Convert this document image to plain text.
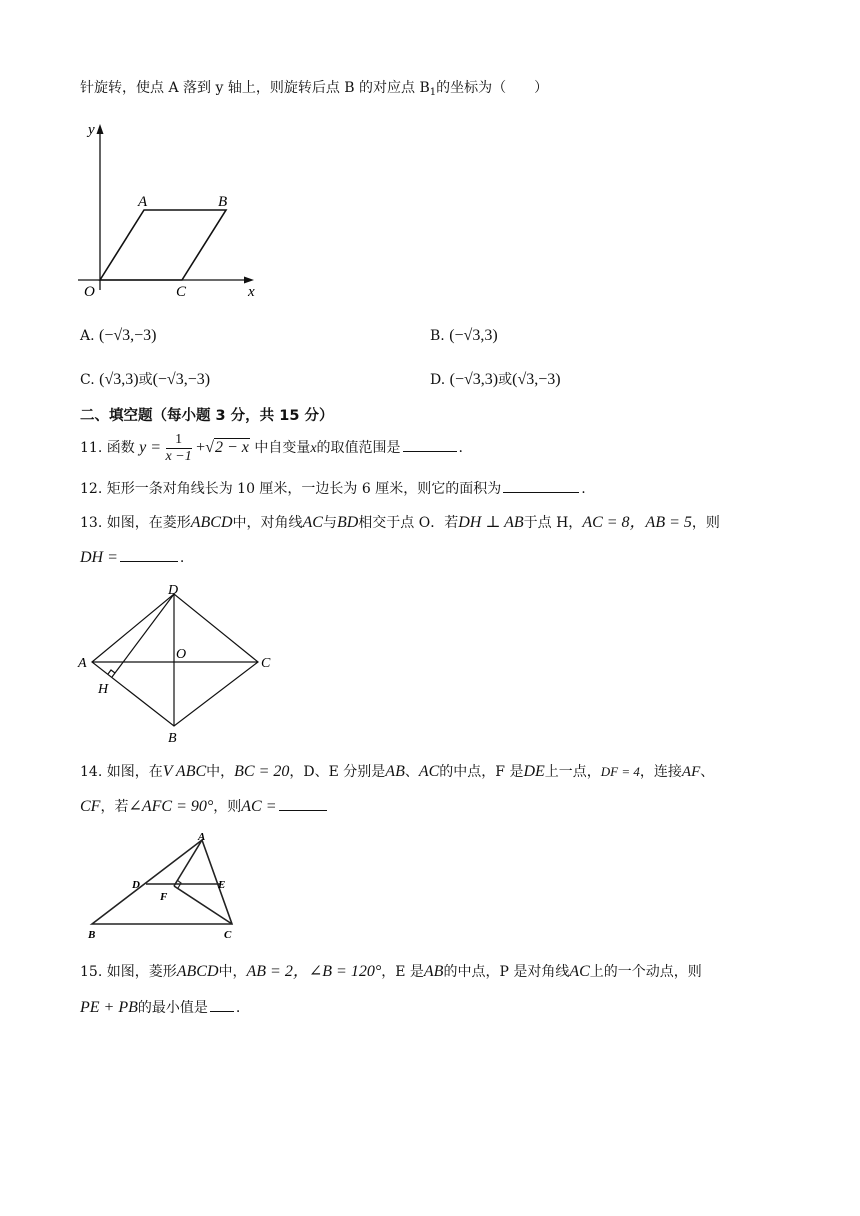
针旋转，使点 A 落到 y 轴上，则旋转后点 B 的对应点 $B_1$的坐标为（　　）
y
x
O
A	B
C
A. (−√3,−3)	B. (−√3,3)
C. (√3,3)或(−√3,−3)	D. (−√3,3)或(√3,−3)
二、填空题（每小题 3 分，共 15 分）
11. 函数 $y = \frac{1}{x -1} +√2 - x$ 中自变量x的取值范围是	.
12. 矩形一条对角线长为 10 厘米，一边长为 6 厘米，则它的面积为	.
13. 如图，在菱形ABCD中，对角线AC与BD相交于点 O．若DH ⊥ AB于点 H，AC = 8，AB = 5，则
DH =	.
D
A
O
C
H
B
14. 如图，在V ABC中，BC = 20，D、E 分别是AB、AC的中点，F 是DE上一点，DF = 4，连接AF、
CF，若∠AFC = 90°，则AC =
A
D	E
F
B	C
15. 如图，菱形ABCD中，AB = 2，∠B = 120°，E 是AB的中点，P 是对角线AC上的一个动点，则
PE + PB的最小值是 .
